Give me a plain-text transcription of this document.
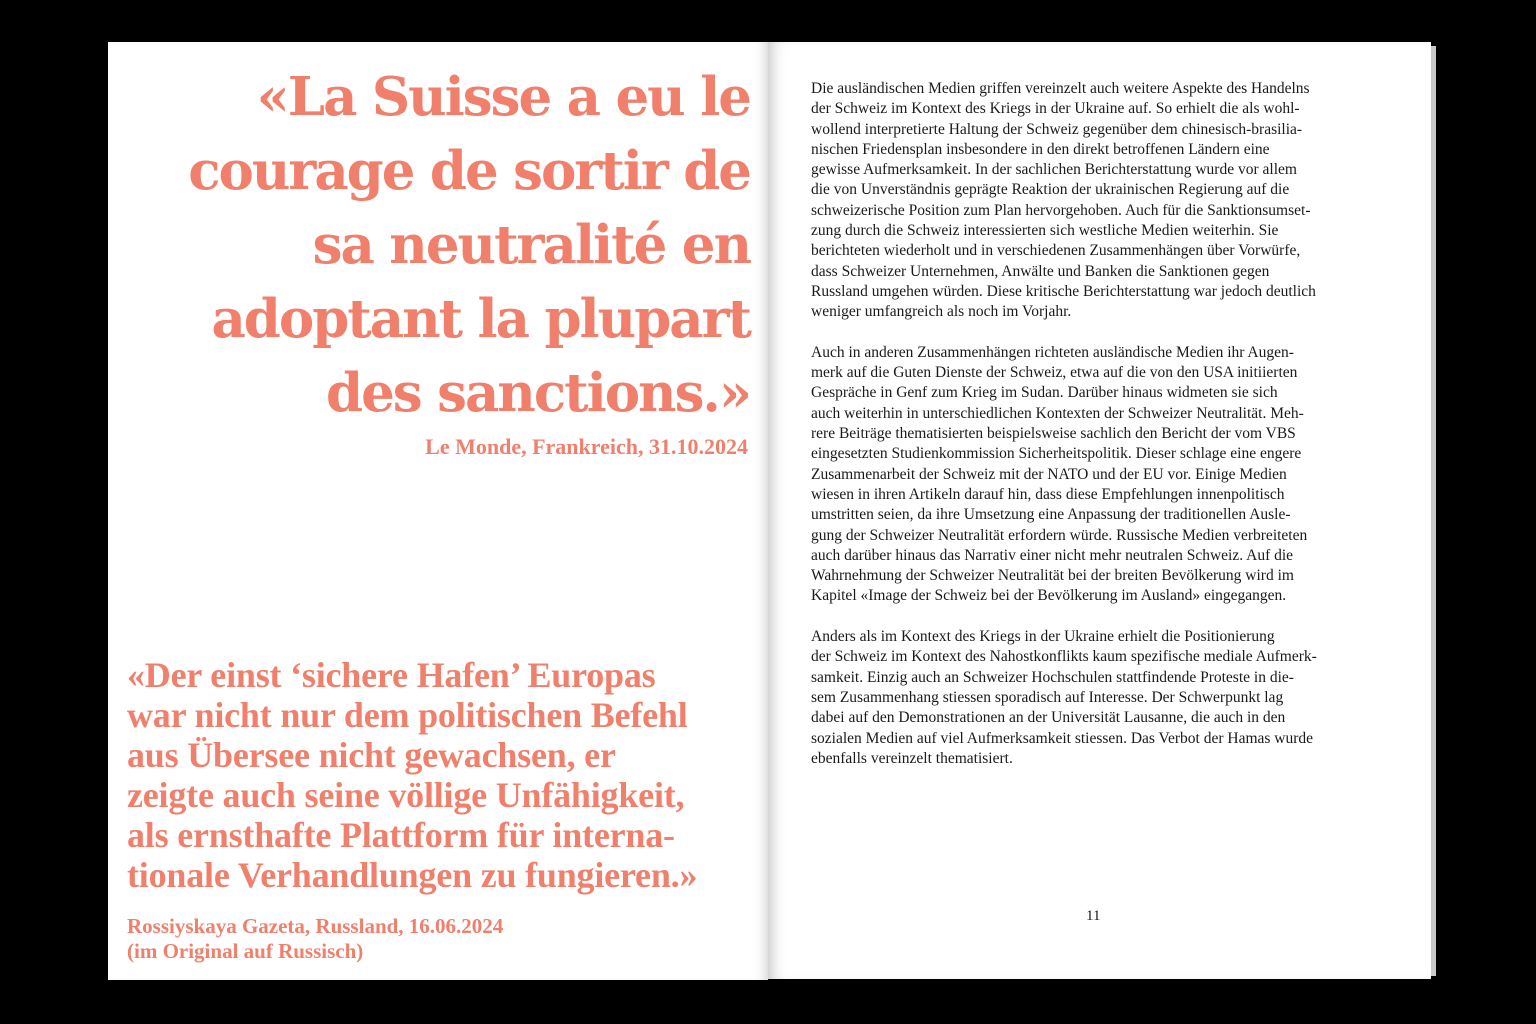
«La Suisse a eu le
courage de sortir de
sa neutralité en
adoptant la plupart
des sanctions.»

Le Monde, Frankreich, 31.10.2024

«Der einst ‘sichere Hafen’ Europas
war nicht nur dem politischen Befehl
aus Übersee nicht gewachsen, er
zeigte auch seine völlige Unfähigkeit,
als ernsthafte Plattform für interna-
tionale Verhandlungen zu fungieren.»

Rossiyskaya Gazeta, Russland, 16.06.2024
(im Original auf Russisch)

Die ausländischen Medien griffen vereinzelt auch weitere Aspekte des Handelns
der Schweiz im Kontext des Kriegs in der Ukraine auf. So erhielt die als wohl-
wollend interpretierte Haltung der Schweiz gegenüber dem chinesisch-brasilia-
nischen Friedensplan insbesondere in den direkt betroffenen Ländern eine
gewisse Aufmerksamkeit. In der sachlichen Berichterstattung wurde vor allem
die von Unverständnis geprägte Reaktion der ukrainischen Regierung auf die
schweizerische Position zum Plan hervorgehoben. Auch für die Sanktionsumset-
zung durch die Schweiz interessierten sich westliche Medien weiterhin. Sie
berichteten wiederholt und in verschiedenen Zusammenhängen über Vorwürfe,
dass Schweizer Unternehmen, Anwälte und Banken die Sanktionen gegen
Russland umgehen würden. Diese kritische Berichterstattung war jedoch deutlich
weniger umfangreich als noch im Vorjahr.

Auch in anderen Zusammenhängen richteten ausländische Medien ihr Augen-
merk auf die Guten Dienste der Schweiz, etwa auf die von den USA initiierten
Gespräche in Genf zum Krieg im Sudan. Darüber hinaus widmeten sie sich
auch weiterhin in unterschiedlichen Kontexten der Schweizer Neutralität. Meh-
rere Beiträge thematisierten beispielsweise sachlich den Bericht der vom VBS
eingesetzten Studienkommission Sicherheitspolitik. Dieser schlage eine engere
Zusammenarbeit der Schweiz mit der NATO und der EU vor. Einige Medien
wiesen in ihren Artikeln darauf hin, dass diese Empfehlungen innenpolitisch
umstritten seien, da ihre Umsetzung eine Anpassung der traditionellen Ausle-
gung der Schweizer Neutralität erfordern würde. Russische Medien verbreiteten
auch darüber hinaus das Narrativ einer nicht mehr neutralen Schweiz. Auf die
Wahrnehmung der Schweizer Neutralität bei der breiten Bevölkerung wird im
Kapitel «Image der Schweiz bei der Bevölkerung im Ausland» eingegangen.

Anders als im Kontext des Kriegs in der Ukraine erhielt die Positionierung
der Schweiz im Kontext des Nahostkonflikts kaum spezifische mediale Aufmerk-
samkeit. Einzig auch an Schweizer Hochschulen stattfindende Proteste in die-
sem Zusammenhang stiessen sporadisch auf Interesse. Der Schwerpunkt lag
dabei auf den Demonstrationen an der Universität Lausanne, die auch in den
sozialen Medien auf viel Aufmerksamkeit stiessen. Das Verbot der Hamas wurde
ebenfalls vereinzelt thematisiert.

11
